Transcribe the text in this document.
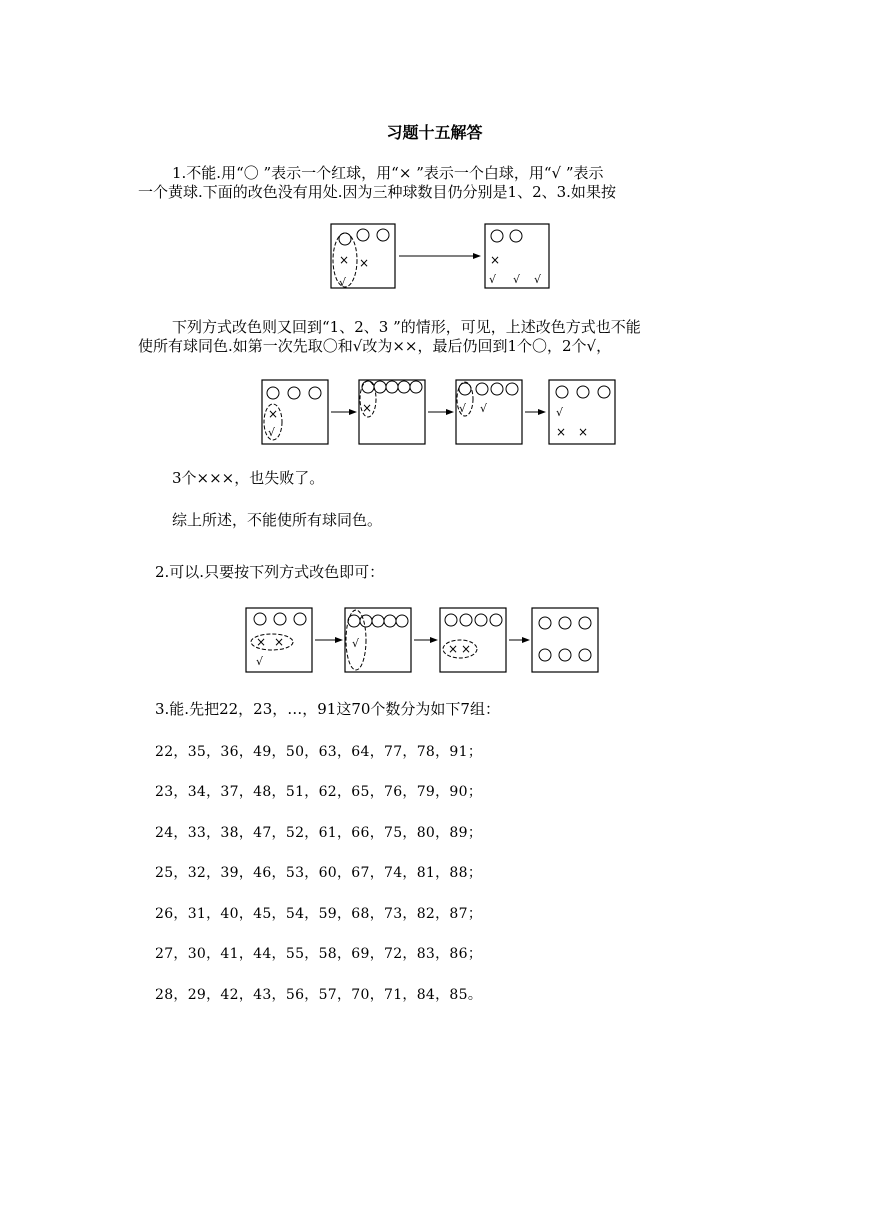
习题十五解答
1.不能.用“〇 ”表示一个红球，用“× ”表示一个白球，用“√ ”表示
一个黄球.下面的改色没有用处.因为三种球数目仍分别是1、2、3.如果按
× ×
√
×
√ √ √
下列方式改色则又回到“1、2、3 ”的情形，可见，上述改色方式也不能
使所有球同色.如第一次先取〇和√改为××，最后仍回到1个〇，2个√，
×
√
×	√ √	√
× ×
3个×××，也失败了。
综上所述，不能使所有球同色。
2.可以.只要按下列方式改色即可：
× ×
√
√	× ×
3.能.先把22，23，…，91这70个数分为如下7组：
22，35，36，49，50，63，64，77，78，91；
23，34，37，48，51，62，65，76，79，90；
24，33，38，47，52，61，66，75，80，89；
25，32，39，46，53，60，67，74，81，88；
26，31，40，45，54，59，68，73，82，87；
27，30，41，44，55，58，69，72，83，86；
28，29，42，43，56，57，70，71，84，85。
